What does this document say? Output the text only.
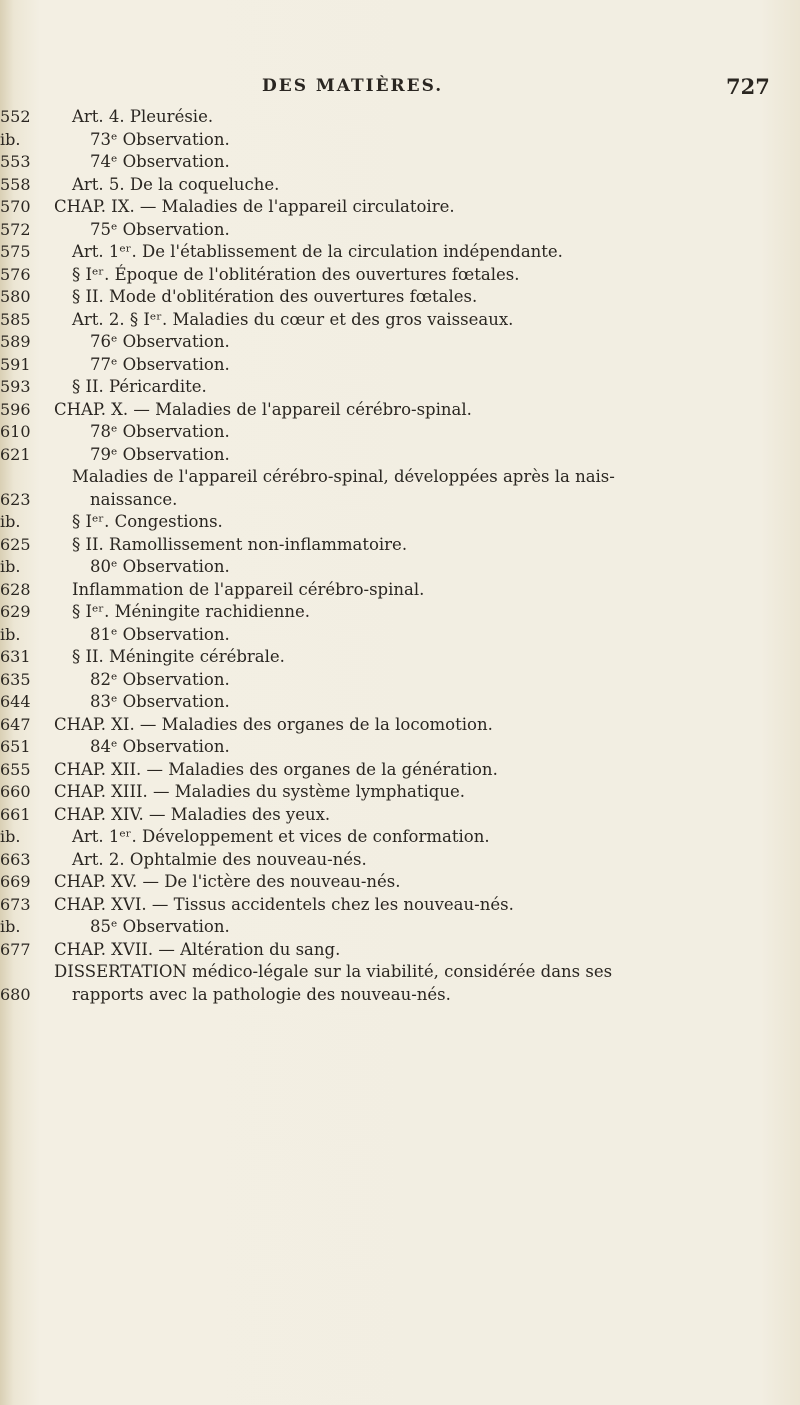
DES MATIÈRES.	727
Art. 4. Pleurésie.
552
73ᵉ Observation.
ib.
74ᵉ Observation.
553
Art. 5. De la coqueluche.
558
CHAP. IX. — Maladies de l'appareil circulatoire.
570
75ᵉ Observation.
572
Art. 1ᵉʳ. De l'établissement de la circulation indépendante.
575
§ Iᵉʳ. Époque de l'oblitération des ouvertures fœtales.
576
§ II. Mode d'oblitération des ouvertures fœtales.
580
Art. 2. § Iᵉʳ. Maladies du cœur et des gros vaisseaux.
585
76ᵉ Observation.
589
77ᵉ Observation.
591
§ II. Péricardite.
593
CHAP. X. — Maladies de l'appareil cérébro-spinal.
596
78ᵉ Observation.
610
79ᵉ Observation.
621
Maladies de l'appareil cérébro-spinal, développées après la nais-
naissance.
623
§ Iᵉʳ. Congestions.
ib.
§ II. Ramollissement non-inflammatoire.
625
80ᵉ Observation.
ib.
Inflammation de l'appareil cérébro-spinal.
628
§ Iᵉʳ. Méningite rachidienne.
629
81ᵉ Observation.
ib.
§ II. Méningite cérébrale.
631
82ᵉ Observation.
635
83ᵉ Observation.
644
CHAP. XI. — Maladies des organes de la locomotion.
647
84ᵉ Observation.
651
CHAP. XII. — Maladies des organes de la génération.
655
CHAP. XIII. — Maladies du système lymphatique.
660
CHAP. XIV. — Maladies des yeux.
661
Art. 1ᵉʳ. Développement et vices de conformation.
ib.
Art. 2. Ophtalmie des nouveau-nés.
663
CHAP. XV. — De l'ictère des nouveau-nés.
669
CHAP. XVI. — Tissus accidentels chez les nouveau-nés.
673
85ᵉ Observation.
ib.
CHAP. XVII. — Altération du sang.
677
DISSERTATION médico-légale sur la viabilité, considérée dans ses
rapports avec la pathologie des nouveau-nés.
680
